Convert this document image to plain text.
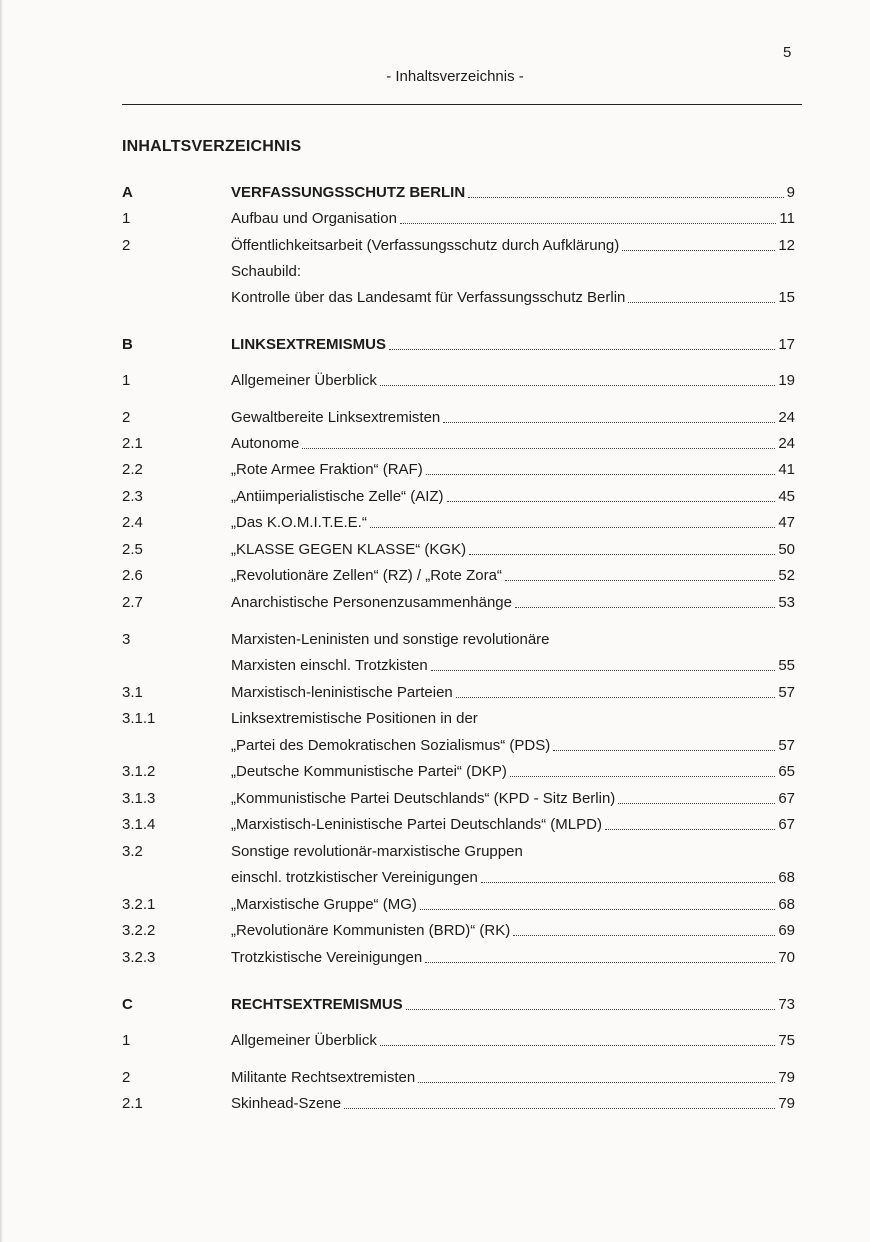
5
- Inhaltsverzeichnis -
INHALTSVERZEICHNIS
A	VERFASSUNGSSCHUTZ BERLIN	9
1	Aufbau und Organisation	11
2	Öffentlichkeitsarbeit (Verfassungsschutz durch Aufklärung)	12
Schaubild:
Kontrolle über das Landesamt für Verfassungsschutz Berlin	15
B	LINKSEXTREMISMUS	17
1	Allgemeiner Überblick	19
2	Gewaltbereite Linksextremisten	24
2.1	Autonome	24
2.2	„Rote Armee Fraktion“ (RAF)	41
2.3	„Antiimperialistische Zelle“ (AIZ)	45
2.4	„Das K.O.M.I.T.E.E.“	47
2.5	„KLASSE GEGEN KLASSE“ (KGK)	50
2.6	„Revolutionäre Zellen“ (RZ) / „Rote Zora“	52
2.7	Anarchistische Personenzusammenhänge	53
3	Marxisten-Leninisten und sonstige revolutionäre
Marxisten einschl. Trotzkisten	55
3.1	Marxistisch-leninistische Parteien	57
3.1.1	Linksextremistische Positionen in der
„Partei des Demokratischen Sozialismus“ (PDS)	57
3.1.2	„Deutsche Kommunistische Partei“ (DKP)	65
3.1.3	„Kommunistische Partei Deutschlands“ (KPD - Sitz Berlin)	67
3.1.4	„Marxistisch-Leninistische Partei Deutschlands“ (MLPD)	67
3.2	Sonstige revolutionär-marxistische Gruppen
einschl. trotzkistischer Vereinigungen	68
3.2.1	„Marxistische Gruppe“ (MG)	68
3.2.2	„Revolutionäre Kommunisten (BRD)“ (RK)	69
3.2.3	Trotzkistische Vereinigungen	70
C	RECHTSEXTREMISMUS	73
1	Allgemeiner Überblick	75
2	Militante Rechtsextremisten	79
2.1	Skinhead-Szene	79
